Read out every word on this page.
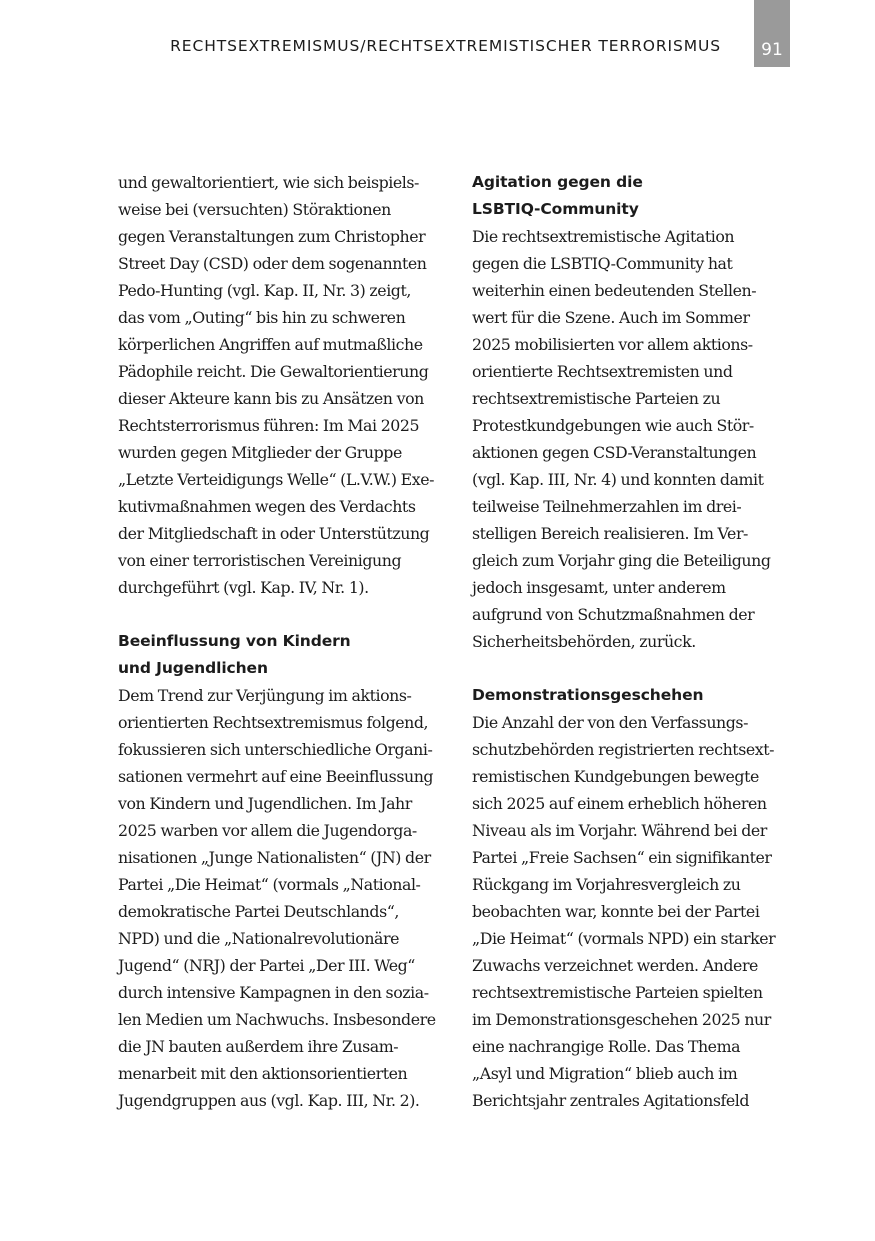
RECHTSEXTREMISMUS/RECHTSEXTREMISTISCHER TERRORISMUS 91
und gewaltorientiert, wie sich beispiels-
weise bei (versuchten) Störaktionen
gegen Veranstaltungen zum Christopher
Street Day (CSD) oder dem sogenannten
Pedo-Hunting (vgl. Kap. II, Nr. 3) zeigt,
das vom „Outing“ bis hin zu schweren
körperlichen Angriffen auf mutmaßliche
Pädophile reicht. Die Gewaltorientierung
dieser Akteure kann bis zu Ansätzen von
Rechtsterrorismus führen: Im Mai 2025
wurden gegen Mitglieder der Gruppe
„Letzte Verteidigungs Welle“ (L.V.W.) Exe-
kutivmaßnahmen wegen des Verdachts
der Mitgliedschaft in oder Unterstützung
von einer terroristischen Vereinigung
durchgeführt (vgl. Kap. IV, Nr. 1).
Beeinflussung von Kindern
und Jugendlichen
Dem Trend zur Verjüngung im aktions-
orientierten Rechtsextremismus folgend,
fokussieren sich unterschiedliche Organi-
sationen vermehrt auf eine Beeinflussung
von Kindern und Jugendlichen. Im Jahr
2025 warben vor allem die Jugendorga-
nisationen „Junge Nationalisten“ (JN) der
Partei „Die Heimat“ (vormals „National-
demokratische Partei Deutschlands“,
NPD) und die „Nationalrevolutionäre
Jugend“ (NRJ) der Partei „Der III. Weg“
durch intensive Kampagnen in den sozia-
len Medien um Nachwuchs. Insbesondere
die JN bauten außerdem ihre Zusam-
menarbeit mit den aktionsorientierten
Jugendgruppen aus (vgl. Kap. III, Nr. 2).
Agitation gegen die
LSBTIQ-Community
Die rechtsextremistische Agitation
gegen die LSBTIQ-Community hat
weiterhin einen bedeutenden Stellen-
wert für die Szene. Auch im Sommer
2025 mobilisierten vor allem aktions-
orientierte Rechtsextremisten und
rechtsextremistische Parteien zu
Protestkundgebungen wie auch Stör-
aktionen gegen CSD-Veranstaltungen
(vgl. Kap. III, Nr. 4) und konnten damit
teilweise Teilnehmerzahlen im drei-
stelligen Bereich realisieren. Im Ver-
gleich zum Vorjahr ging die Beteiligung
jedoch insgesamt, unter anderem
aufgrund von Schutzmaßnahmen der
Sicherheitsbehörden, zurück.
Demonstrationsgeschehen
Die Anzahl der von den Verfassungs-
schutzbehörden registrierten rechtsext-
remistischen Kundgebungen bewegte
sich 2025 auf einem erheblich höheren
Niveau als im Vorjahr. Während bei der
Partei „Freie Sachsen“ ein signifikanter
Rückgang im Vorjahresvergleich zu
beobachten war, konnte bei der Partei
„Die Heimat“ (vormals NPD) ein starker
Zuwachs verzeichnet werden. Andere
rechtsextremistische Parteien spielten
im Demonstrationsgeschehen 2025 nur
eine nachrangige Rolle. Das Thema
„Asyl und Migration“ blieb auch im
Berichtsjahr zentrales Agitationsfeld
